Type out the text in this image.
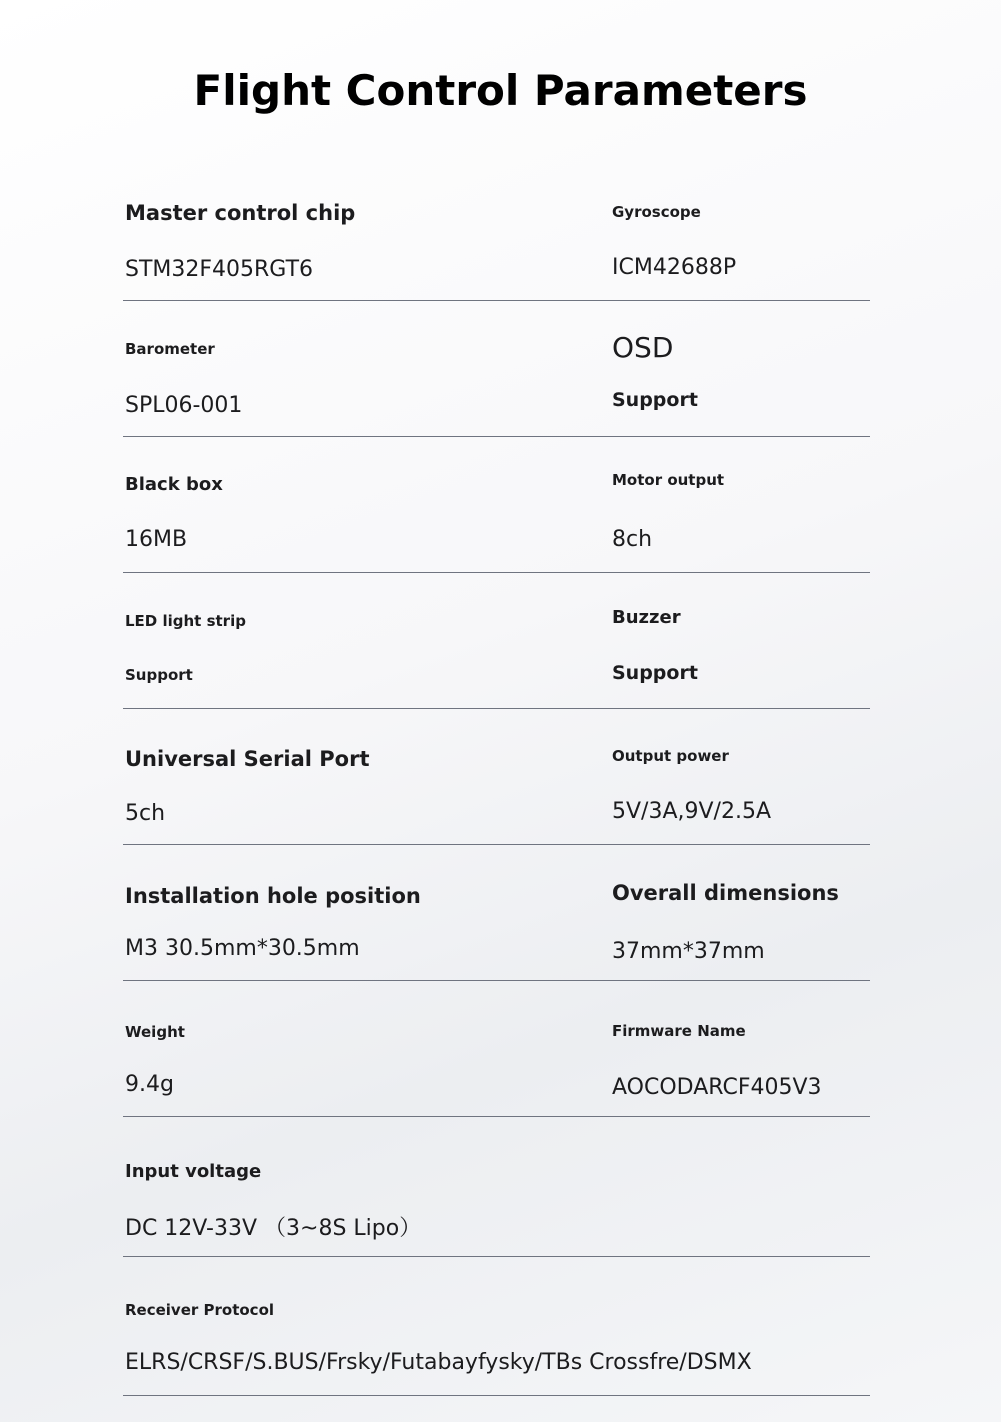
Flight Control Parameters
Master control chip
STM32F405RGT6
Gyroscope
ICM42688P
Barometer
SPL06-001
OSD
Support
Black box
16MB
Motor output
8ch
LED light strip
Support
Buzzer
Support
Universal Serial Port
5ch
Output power
5V/3A,9V/2.5A
Installation hole position
M3 30.5mm*30.5mm
Overall dimensions
37mm*37mm
Weight
9.4g
Firmware Name
AOCODARCF405V3
Input voltage
DC 12V-33V （3~8S Lipo）
Receiver Protocol
ELRS/CRSF/S.BUS/Frsky/Futabayfysky/TBs Crossfre/DSMX
